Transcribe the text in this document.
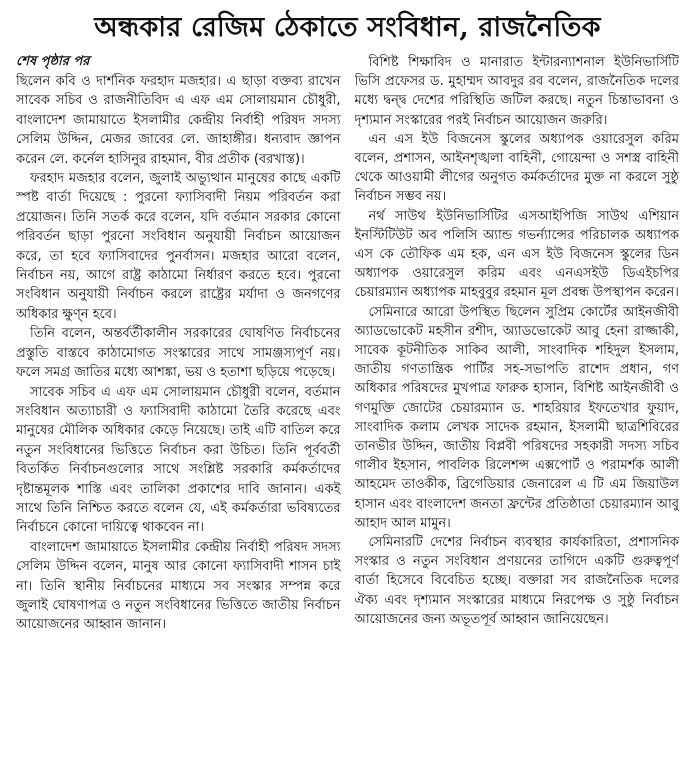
অন্ধকার রেজিম ঠেকাতে সংবিধান, রাজনৈতিক
শেষ পৃষ্ঠার পর

ছিলেন কবি ও দার্শনিক ফরহাদ মজহার। এ ছাড়া বক্তব্য রাখেন সাবেক সচিব ও রাজনীতিবিদ এ এফ এম সোলায়মান চৌধুরী, বাংলাদেশ জামায়াতে ইসলামীর কেন্দ্রীয় নির্বাহী পরিষদ সদস্য সেলিম উদ্দিন, মেজর জাবের লে. জাহাঙ্গীর। ধন্যবাদ জ্ঞাপন করেন লে. কর্নেল হাসিনুর রাহমান, বীর প্রতীক (বরখাস্ত)।

ফরহাদ মজহার বলেন, জুলাই অভ্যুত্থান মানুষের কাছে একটি স্পষ্ট বার্তা দিয়েছে : পুরনো ফ্যাসিবাদী নিয়ম পরিবর্তন করা প্রয়োজন। তিনি সতর্ক করে বলেন, যদি বর্তমান সরকার কোনো পরিবর্তন ছাড়া পুরনো সংবিধান অনুযায়ী নির্বাচন আয়োজন করে, তা হবে ফ্যাসিবাদের পুনর্বাসন। মজহার আরো বলেন, নির্বাচন নয়, আগে রাষ্ট্র কাঠামো নির্ধারণ করতে হবে। পুরনো সংবিধান অনুযায়ী নির্বাচন করলে রাষ্ট্রের মর্যাদা ও জনগণের অধিকার ক্ষুণ্ন হবে।

তিনি বলেন, অন্তর্বর্তীকালীন সরকারের ঘোষণিত নির্বাচনের প্রস্তুতি বাস্তবে কাঠামোগত সংস্কারের সাথে সামঞ্জস্যপূর্ণ নয়। ফলে সমগ্র জাতির মধ্যে আশঙ্কা, ভয় ও হতাশা ছড়িয়ে পড়েছে।

সাবেক সচিব এ এফ এম সোলায়মান চৌধুরী বলেন, বর্তমান সংবিধান অত্যাচারী ও ফ্যাসিবাদী কাঠামো তৈরি করেছে এবং মানুষের মৌলিক অধিকার কেড়ে নিয়েছে। তাই এটি বাতিল করে নতুন সংবিধানের ভিত্তিতে নির্বাচন করা উচিত। তিনি পূর্ববর্তী বিতর্কিত নির্বাচনগুলোর সাথে সংশ্লিষ্ট সরকারি কর্মকর্তাদের দৃষ্টান্তমূলক শাস্তি এবং তালিকা প্রকাশের দাবি জানান। একই সাথে তিনি নিশ্চিত করতে বলেন যে, এই কর্মকর্তারা ভবিষ্যতের নির্বাচনে কোনো দায়িত্বে থাকবেন না।

বাংলাদেশ জামায়াতে ইসলামীর কেন্দ্রীয় নির্বাহী পরিষদ সদস্য সেলিম উদ্দিন বলেন, মানুষ আর কোনো ফ্যাসিবাদী শাসন চাই না। তিনি স্থানীয় নির্বাচনের মাধ্যমে সব সংস্কার সম্পন্ন করে জুলাই ঘোষণাপত্র ও নতুন সংবিধানের ভিত্তিতে জাতীয় নির্বাচন আয়োজনের আহ্বান জানান।

বিশিষ্ট শিক্ষাবিদ ও মানারাত ইন্টারন্যাশনাল ইউনিভার্সিটি ভিসি প্রফেসর ড. মুহাম্মদ আবদুর রব বলেন, রাজনৈতিক দলের মধ্যে দ্বন্দ্ব দেশের পরিস্থিতি জটিল করছে। নতুন চিন্তাভাবনা ও দৃশ্যমান সংস্কারের পরই নির্বাচন আয়োজন জরুরি।

এন এস ইউ বিজনেস স্কুলের অধ্যাপক ওয়ারেসুল করিম বলেন, প্রশাসন, আইনশৃঙ্খলা বাহিনী, গোয়েন্দা ও সশস্ত্র বাহিনী থেকে আওয়ামী লীগের অনুগত কর্মকর্তাদের মুক্ত না করলে সুষ্ঠু নির্বাচন সম্ভব নয়।

নর্থ সাউথ ইউনিভার্সিটির এসআইপিজি সাউথ এশিয়ান ইনস্টিটিউট অব পলিসি অ্যান্ড গভর্ন্যান্সের পরিচালক অধ্যাপক এস কে তৌফিক এম হক, এন এস ইউ বিজনেস স্কুলের ডিন অধ্যাপক ওয়ারেসুল করিম এবং এনএসইউ ডিএইচপির চেয়ারম্যান অধ্যাপক মাহবুবুর রহমান মূল প্রবন্ধ উপস্থাপন করেন।

সেমিনারে আরো উপস্থিত ছিলেন সুপ্রিম কোর্টের আইনজীবী অ্যাডভোকেট মহসীন রশীদ, অ্যাডভোকেট আবু হেনা রাজ্জাকী, সাবেক কূটনীতিক সাকিব আলী, সাংবাদিক শহিদুল ইসলাম, জাতীয় গণতান্ত্রিক পার্টির সহ-সভাপতি রাশেদ প্রধান, গণ অধিকার পরিষদের মুখপাত্র ফারুক হাসান, বিশিষ্ট আইনজীবী ও গণমুক্তি জোটের চেয়ারম্যান ড. শাহরিয়ার ইফতেখার ফুয়াদ, সাংবাদিক কলাম লেখক সাদেক রহমান, ইসলামী ছাত্রশিবিরের তানভীর উদ্দিন, জাতীয় বিপ্লবী পরিষদের সহকারী সদস্য সচিব গালীব ইহসান, পাবলিক রিলেশন্স এক্সপোর্ট ও পরামর্শক আলী আহমেদ তাওকীক, ব্রিগেডিয়ার জেনারেল এ টি এম জিয়াউল হাসান এবং বাংলাদেশ জনতা ফ্রন্টের প্রতিষ্ঠাতা চেয়ারম্যান আবু আহাদ আল মামুন।

সেমিনারটি দেশের নির্বাচন ব্যবস্থার কার্যকারিতা, প্রশাসনিক সংস্কার ও নতুন সংবিধান প্রণয়নের তাগিদে একটি গুরুত্বপূর্ণ বার্তা হিসেবে বিবেচিত হচ্ছে। বক্তারা সব রাজনৈতিক দলের ঐক্য এবং দৃশ্যমান সংস্কারের মাধ্যমে নিরপেক্ষ ও সুষ্ঠু নির্বাচন আয়োজনের জন্য অভূতপূর্ব আহ্বান জানিয়েছেন।
